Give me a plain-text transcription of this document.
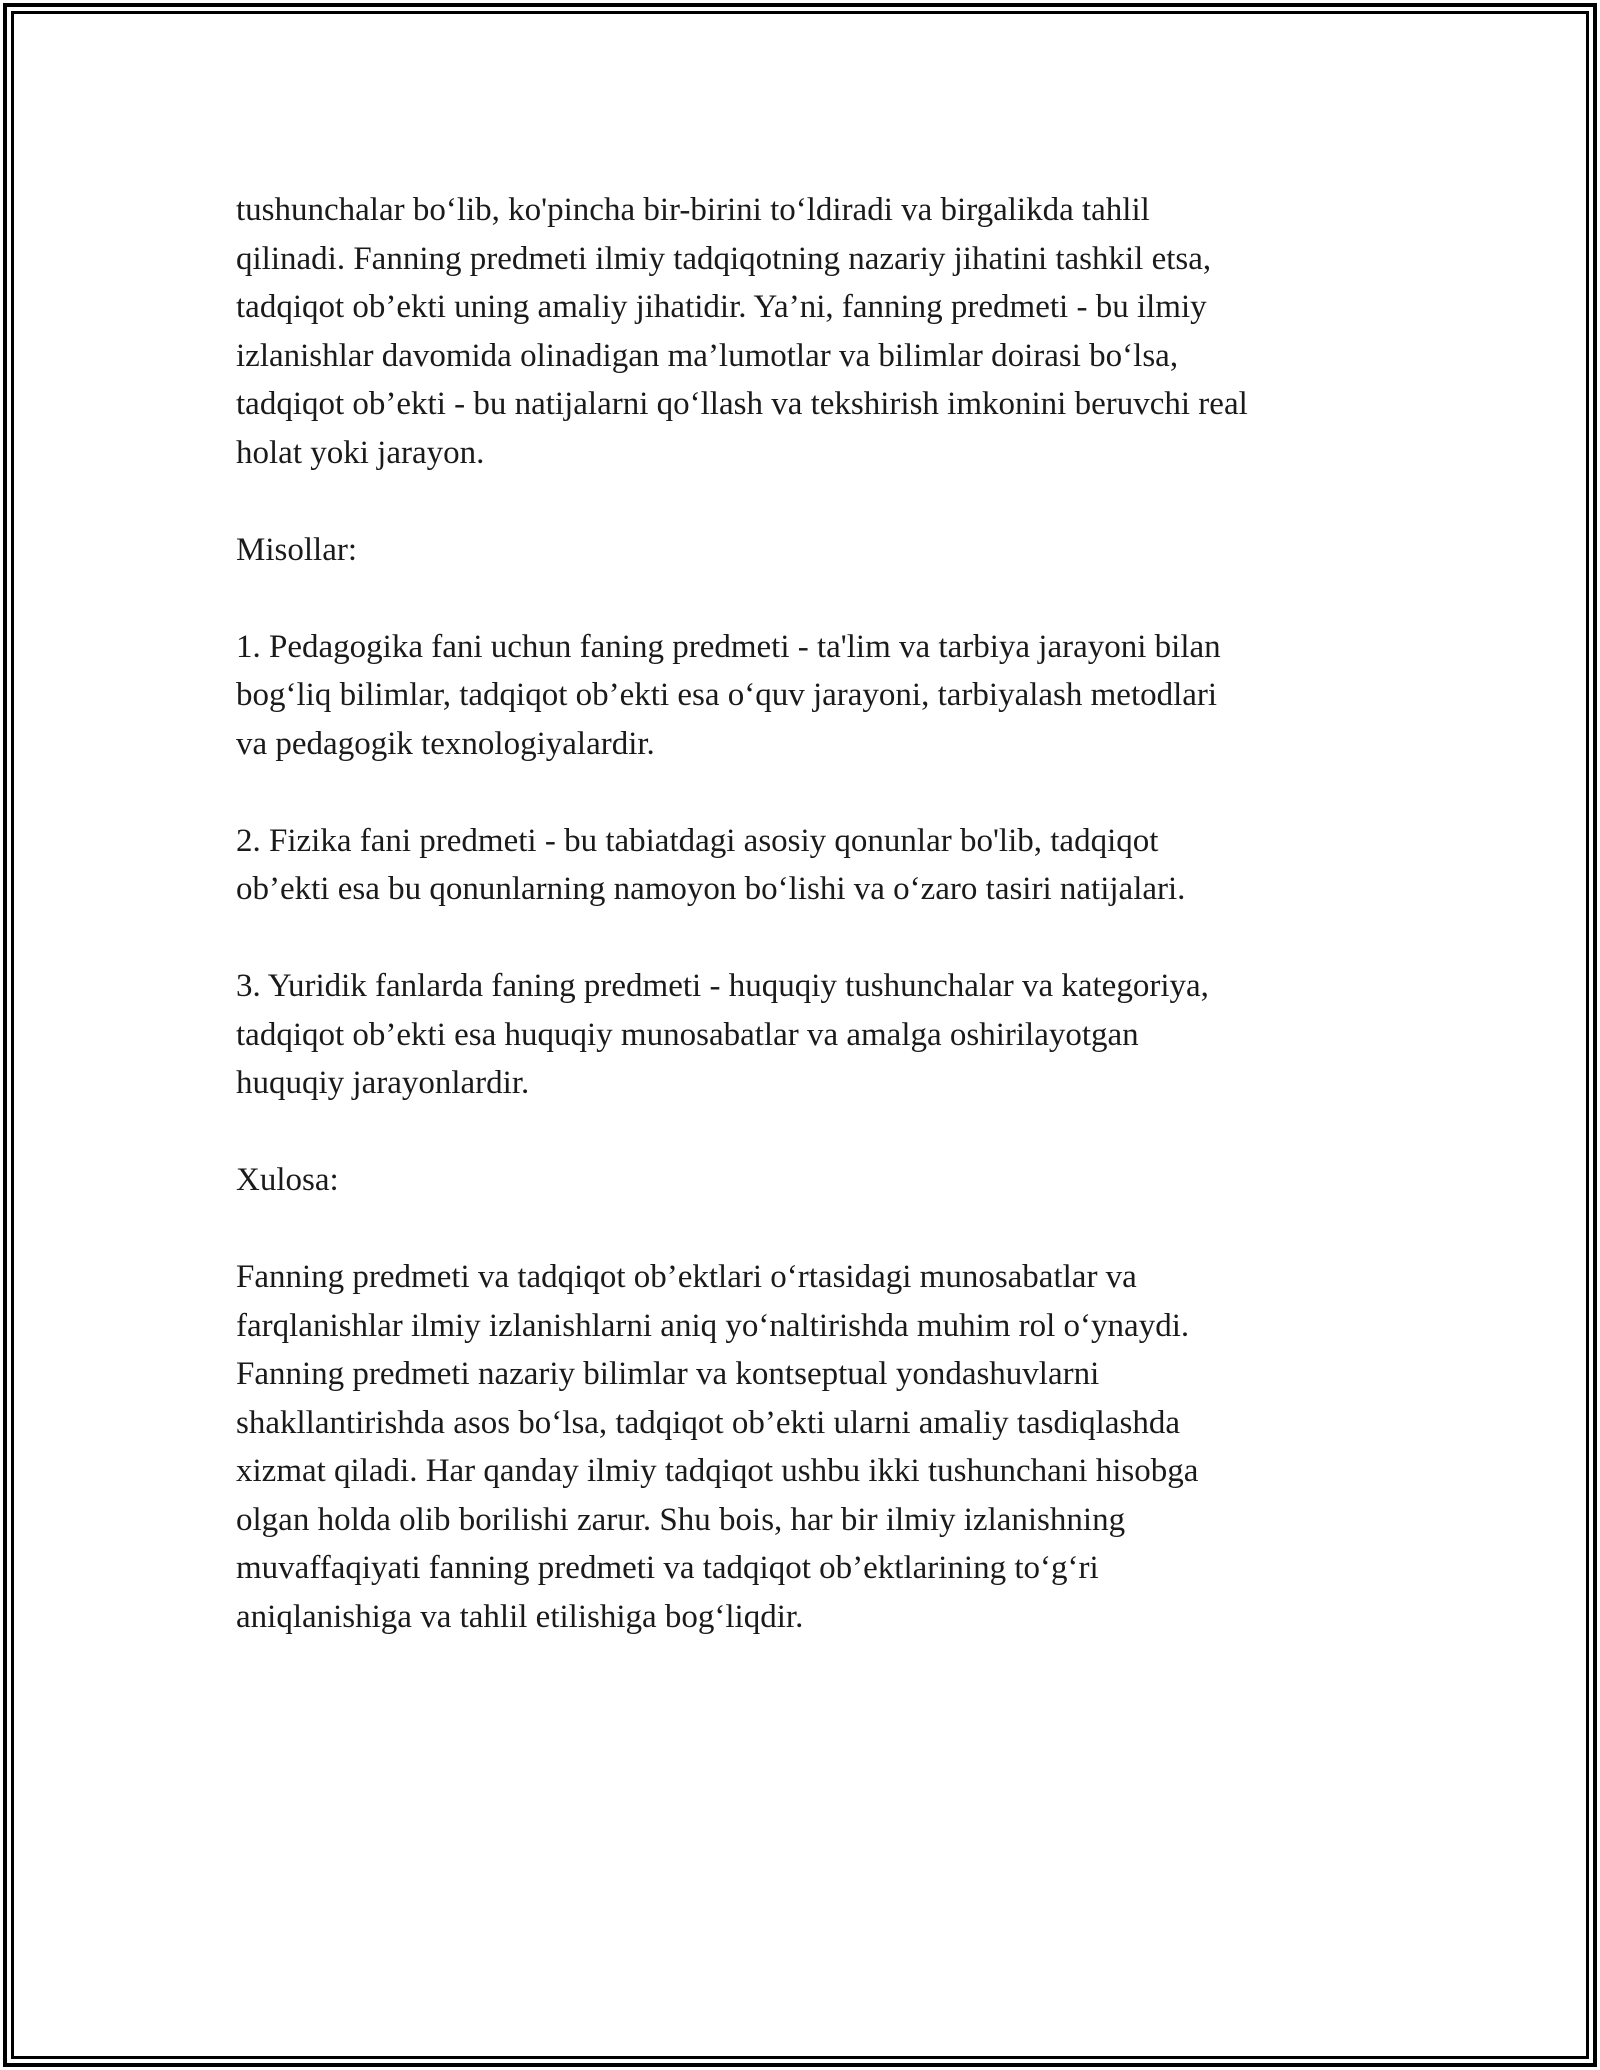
tushunchalar bo‘lib, ko'pincha bir-birini to‘ldiradi va birgalikda tahlil
qilinadi. Fanning predmeti ilmiy tadqiqotning nazariy jihatini tashkil etsa,
tadqiqot ob’ekti uning amaliy jihatidir. Ya’ni, fanning predmeti - bu ilmiy
izlanishlar davomida olinadigan ma’lumotlar va bilimlar doirasi bo‘lsa,
tadqiqot ob’ekti - bu natijalarni qo‘llash va tekshirish imkonini beruvchi real
holat yoki jarayon.
Misollar:
1. Pedagogika fani uchun faning predmeti - ta'lim va tarbiya jarayoni bilan
bog‘liq bilimlar, tadqiqot ob’ekti esa o‘quv jarayoni, tarbiyalash metodlari
va pedagogik texnologiyalardir.
2. Fizika fani predmeti - bu tabiatdagi asosiy qonunlar bo'lib, tadqiqot
ob’ekti esa bu qonunlarning namoyon bo‘lishi va o‘zaro tasiri natijalari.
3. Yuridik fanlarda faning predmeti - huquqiy tushunchalar va kategoriya,
tadqiqot ob’ekti esa huquqiy munosabatlar va amalga oshirilayotgan
huquqiy jarayonlardir.
Xulosa:
Fanning predmeti va tadqiqot ob’ektlari o‘rtasidagi munosabatlar va
farqlanishlar ilmiy izlanishlarni aniq yo‘naltirishda muhim rol o‘ynaydi.
Fanning predmeti nazariy bilimlar va kontseptual yondashuvlarni
shakllantirishda asos bo‘lsa, tadqiqot ob’ekti ularni amaliy tasdiqlashda
xizmat qiladi. Har qanday ilmiy tadqiqot ushbu ikki tushunchani hisobga
olgan holda olib borilishi zarur. Shu bois, har bir ilmiy izlanishning
muvaffaqiyati fanning predmeti va tadqiqot ob’ektlarining to‘g‘ri
aniqlanishiga va tahlil etilishiga bog‘liqdir.
